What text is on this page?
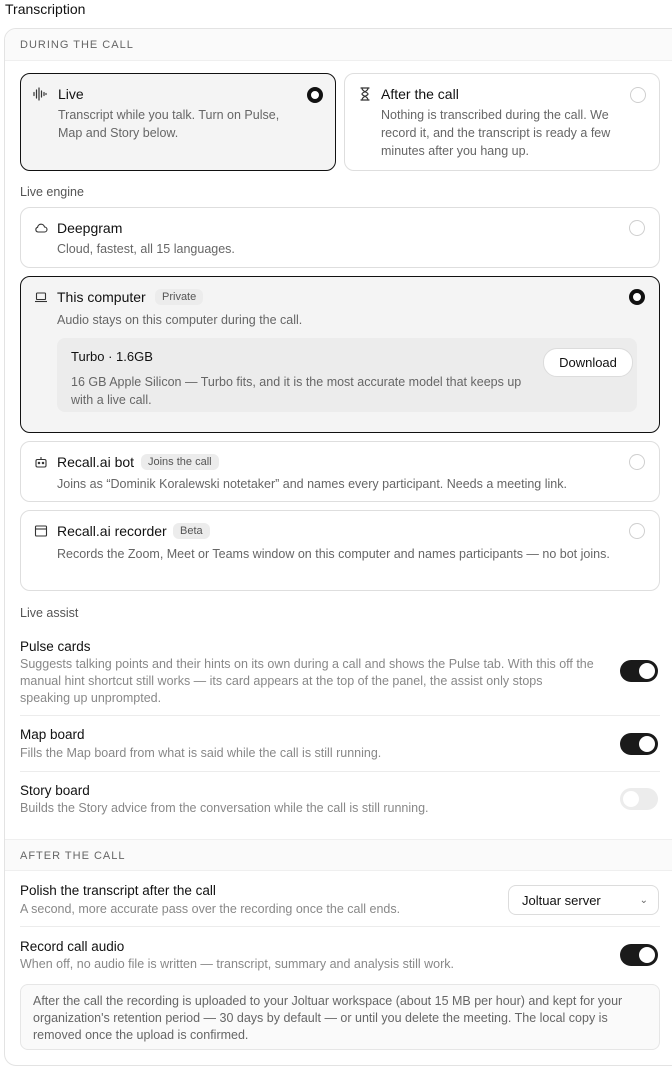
Transcription
DURING THE CALL
Live
Transcript while you talk. Turn on Pulse, Map and Story below.
After the call
Nothing is transcribed during the call. We record it, and the transcript is ready a few minutes after you hang up.
Live engine
Deepgram
Cloud, fastest, all 15 languages.
This computer	Private
Audio stays on this computer during the call.
Turbo · 1.6GB
16 GB Apple Silicon — Turbo fits, and it is the most accurate model that keeps up with a live call.
Download
Recall.ai bot	Joins the call
Joins as “Dominik Koralewski notetaker” and names every participant. Needs a meeting link.
Recall.ai recorder	Beta
Records the Zoom, Meet or Teams window on this computer and names participants — no bot joins.
Live assist
Pulse cards
Suggests talking points and their hints on its own during a call and shows the Pulse tab. With this off the manual hint shortcut still works — its card appears at the top of the panel, the assist only stops speaking up unprompted.
Map board
Fills the Map board from what is said while the call is still running.
Story board
Builds the Story advice from the conversation while the call is still running.
AFTER THE CALL
Polish the transcript after the call
A second, more accurate pass over the recording once the call ends.
Joltuar server	⌄
Record call audio
When off, no audio file is written — transcript, summary and analysis still work.
After the call the recording is uploaded to your Joltuar workspace (about 15 MB per hour) and kept for your organization's retention period — 30 days by default — or until you delete the meeting. The local copy is removed once the upload is confirmed.
